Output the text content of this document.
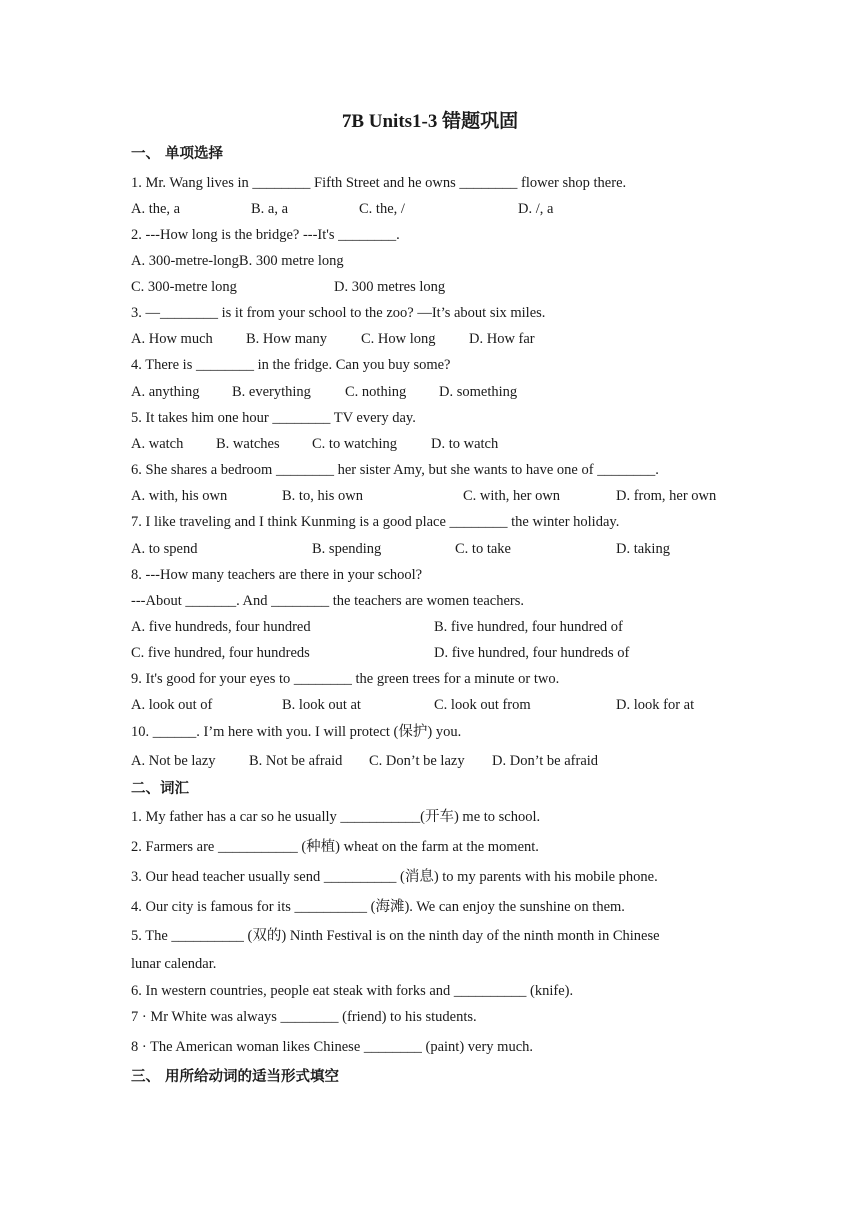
7B Units1-3 错题巩固
一、 单项选择
1. Mr. Wang lives in ________ Fifth Street and he owns ________ flower shop there.
A. the, a	B. a, a	C. the, /	D. /, a
2. ---How long is the bridge? ---It's ________.
A. 300-metre-longB. 300 metre long
C. 300-metre long	D. 300 metres long
3. —________ is it from your school to the zoo? —It’s about six miles.
A. How much B. How many C. How long D. How far
4. There is ________ in the fridge. Can you buy some?
A. anything B. everything C. nothing D. something
5. It takes him one hour ________ TV every day.
A. watch B. watches C. to watching D. to watch
6. She shares a bedroom ________ her sister Amy, but she wants to have one of ________.
A. with, his own	B. to, his own	C. with, her own	D. from, her own
7. I like traveling and I think Kunming is a good place ________ the winter holiday.
A. to spend	B. spending	C. to take	D. taking
8. ---How many teachers are there in your school?
---About _______. And ________ the teachers are women teachers.
A. five hundreds, four hundred	B. five hundred, four hundred of
C. five hundred, four hundreds	D. five hundred, four hundreds of
9. It's good for your eyes to ________ the green trees for a minute or two.
A. look out of	B. look out at	C. look out from	D. look for at
10. ______. I’m here with you. I will protect (保护) you.
A. Not be lazy B. Not be afraid C. Don’t be lazy D. Don’t be afraid
二、词汇
1. My father has a car so he usually ___________(开车) me to school.
2. Farmers are ___________ (种植) wheat on the farm at the moment.
3. Our head teacher usually send __________ (消息) to my parents with his mobile phone.
4. Our city is famous for its __________ (海滩). We can enjoy the sunshine on them.
5. The __________ (双的) Ninth Festival is on the ninth day of the ninth month in Chinese
lunar calendar.
6. In western countries, people eat steak with forks and __________ (knife).
7 · Mr White was always ________ (friend) to his students.
8 · The American woman likes Chinese ________ (paint) very much.
三、 用所给动词的适当形式填空
